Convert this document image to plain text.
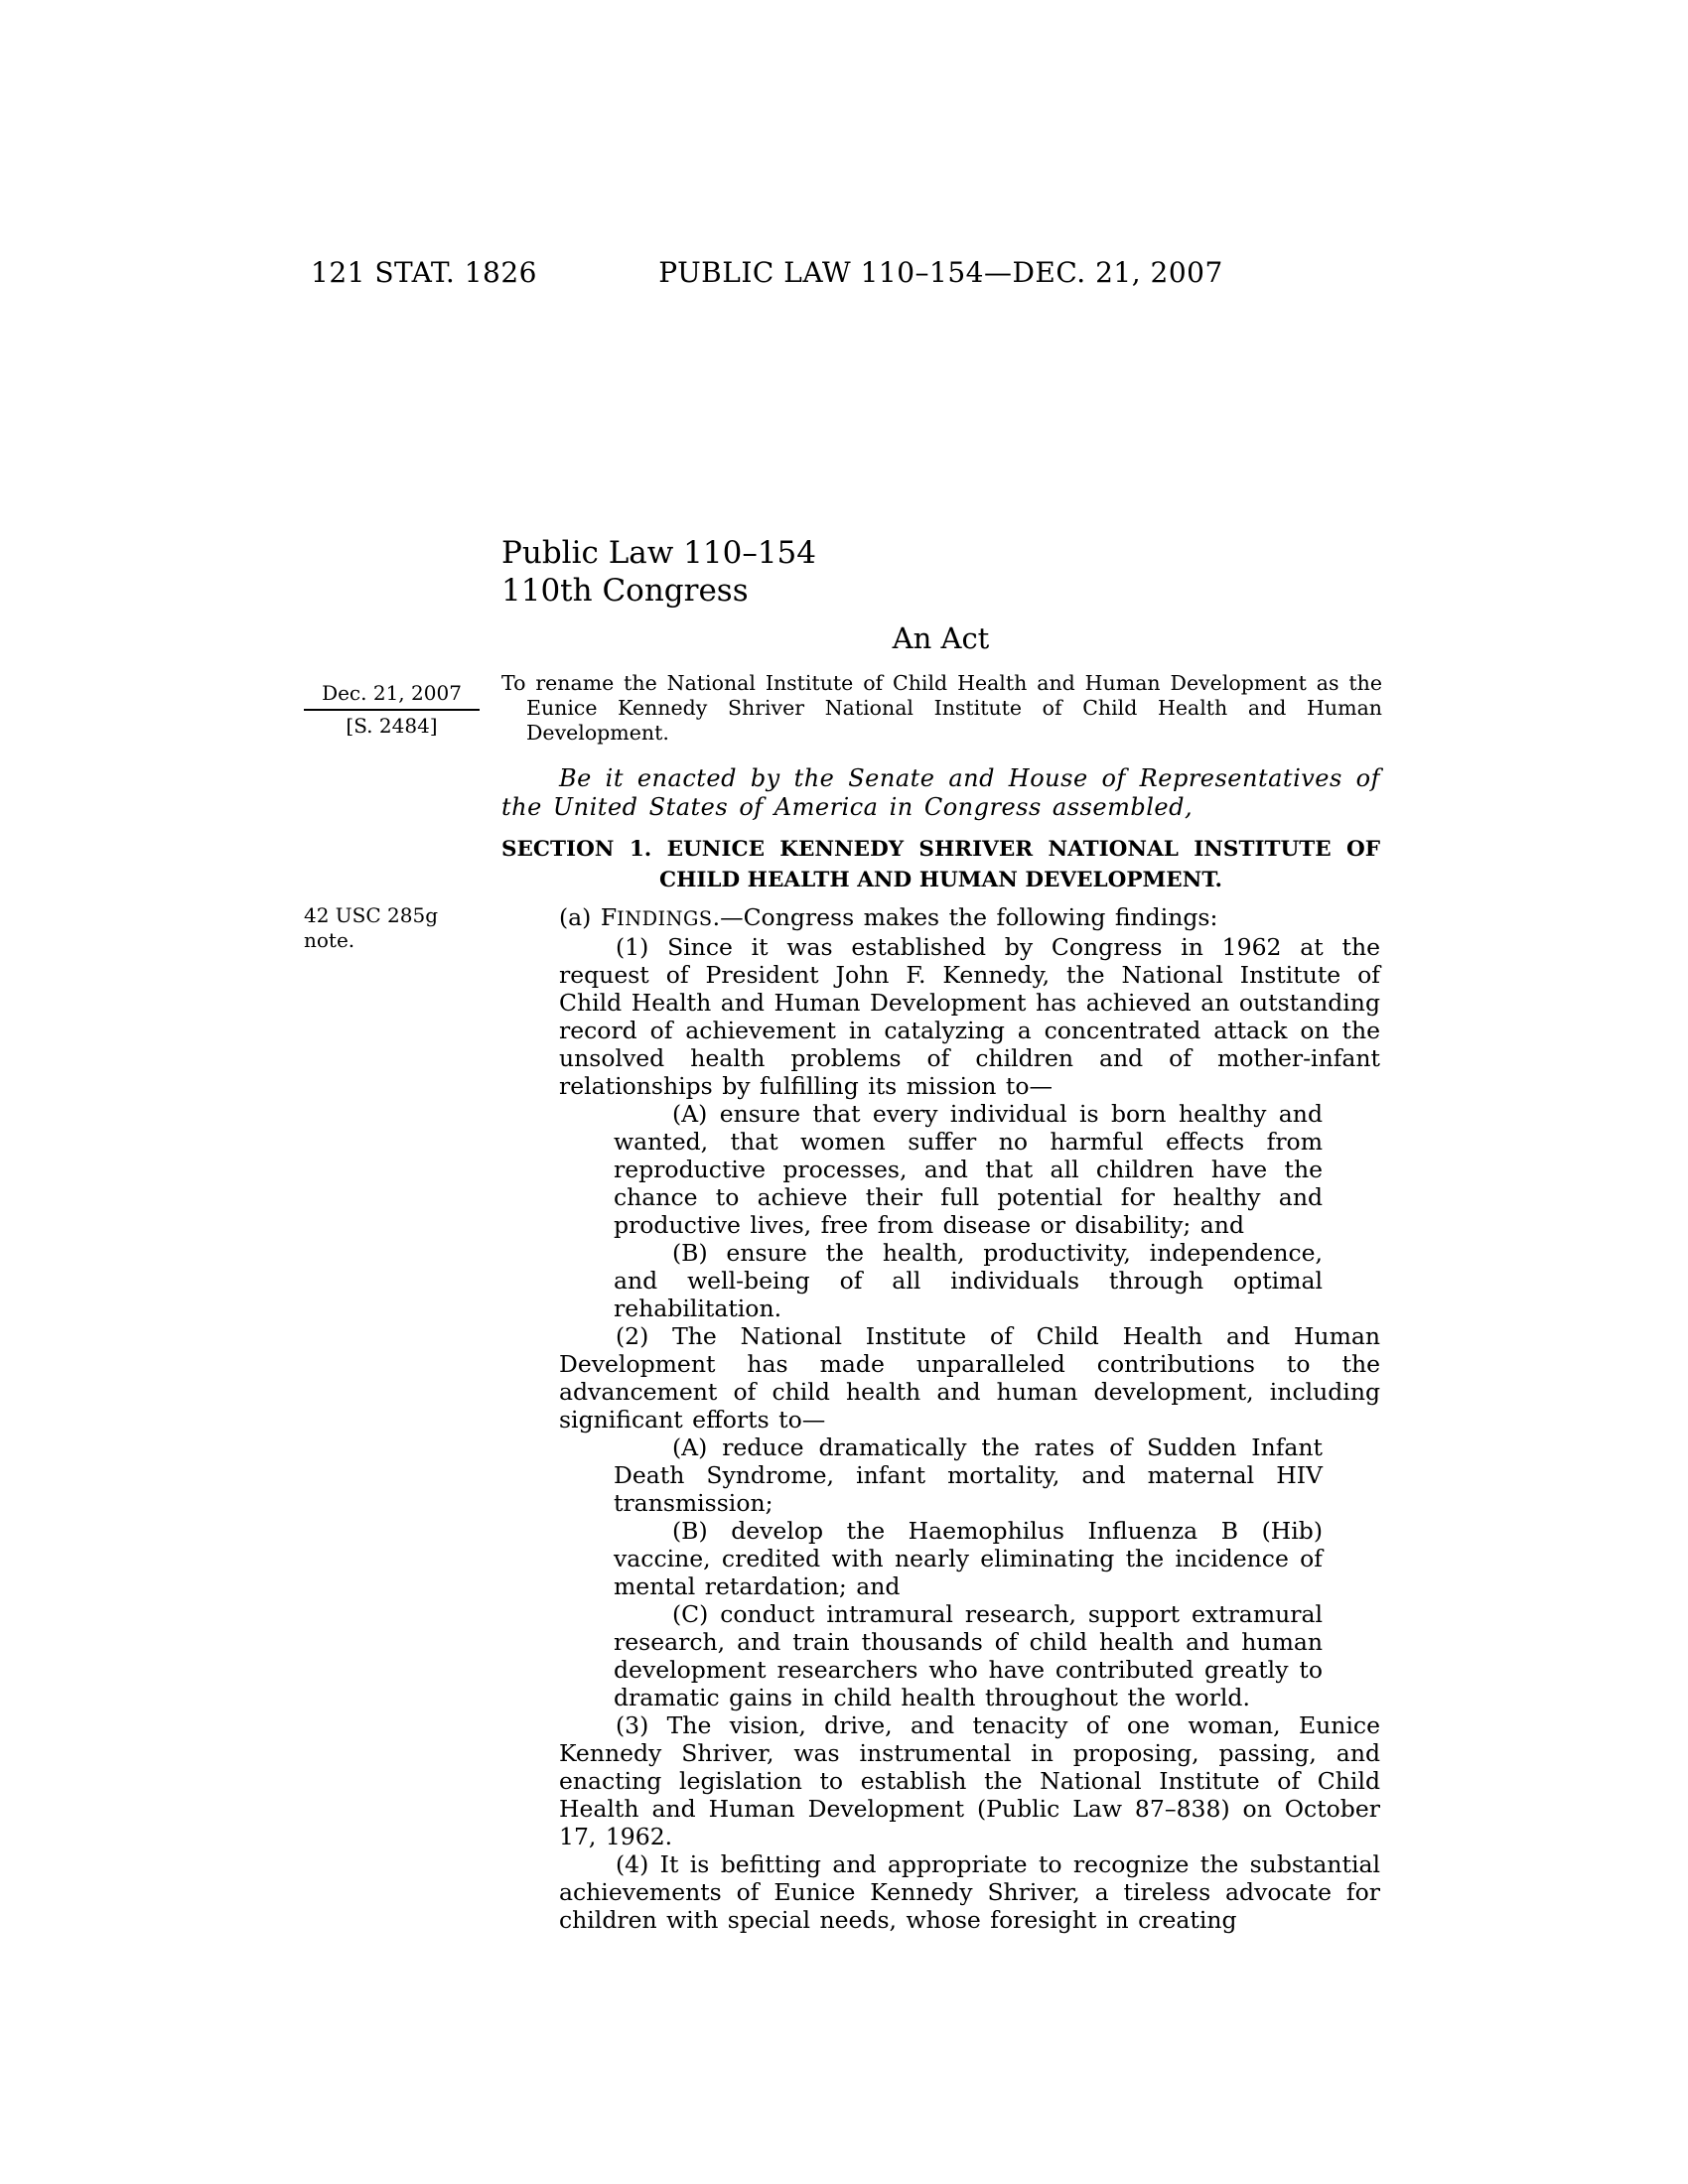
121 STAT. 1826	PUBLIC LAW 110–154—DEC. 21, 2007
Public Law 110–154
110th Congress
An Act
To rename the National Institute of Child Health and Human Development as the Eunice Kennedy Shriver National Institute of Child Health and Human Development.
Dec. 21, 2007
[S. 2484]
42 USC 285g
note.
Be it enacted by the Senate and House of Representatives of the United States of America in Congress assembled,
SECTION 1. EUNICE KENNEDY SHRIVER NATIONAL INSTITUTE OF
CHILD HEALTH AND HUMAN DEVELOPMENT.

(a) FINDINGS.—Congress makes the following findings:

(1) Since it was established by Congress in 1962 at the request of President John F. Kennedy, the National Institute of Child Health and Human Development has achieved an outstanding record of achievement in catalyzing a concentrated attack on the unsolved health problems of children and of mother-infant relationships by fulfilling its mission to—

(A) ensure that every individual is born healthy and wanted, that women suffer no harmful effects from reproductive processes, and that all children have the chance to achieve their full potential for healthy and productive lives, free from disease or disability; and

(B) ensure the health, productivity, independence, and well-being of all individuals through optimal rehabilitation.

(2) The National Institute of Child Health and Human Development has made unparalleled contributions to the advancement of child health and human development, including significant efforts to—

(A) reduce dramatically the rates of Sudden Infant Death Syndrome, infant mortality, and maternal HIV transmission;

(B) develop the Haemophilus Influenza B (Hib) vaccine, credited with nearly eliminating the incidence of mental retardation; and

(C) conduct intramural research, support extramural research, and train thousands of child health and human development researchers who have contributed greatly to dramatic gains in child health throughout the world.

(3) The vision, drive, and tenacity of one woman, Eunice Kennedy Shriver, was instrumental in proposing, passing, and enacting legislation to establish the National Institute of Child Health and Human Development (Public Law 87–838) on October 17, 1962.

(4) It is befitting and appropriate to recognize the substantial achievements of Eunice Kennedy Shriver, a tireless advocate for children with special needs, whose foresight in creating
